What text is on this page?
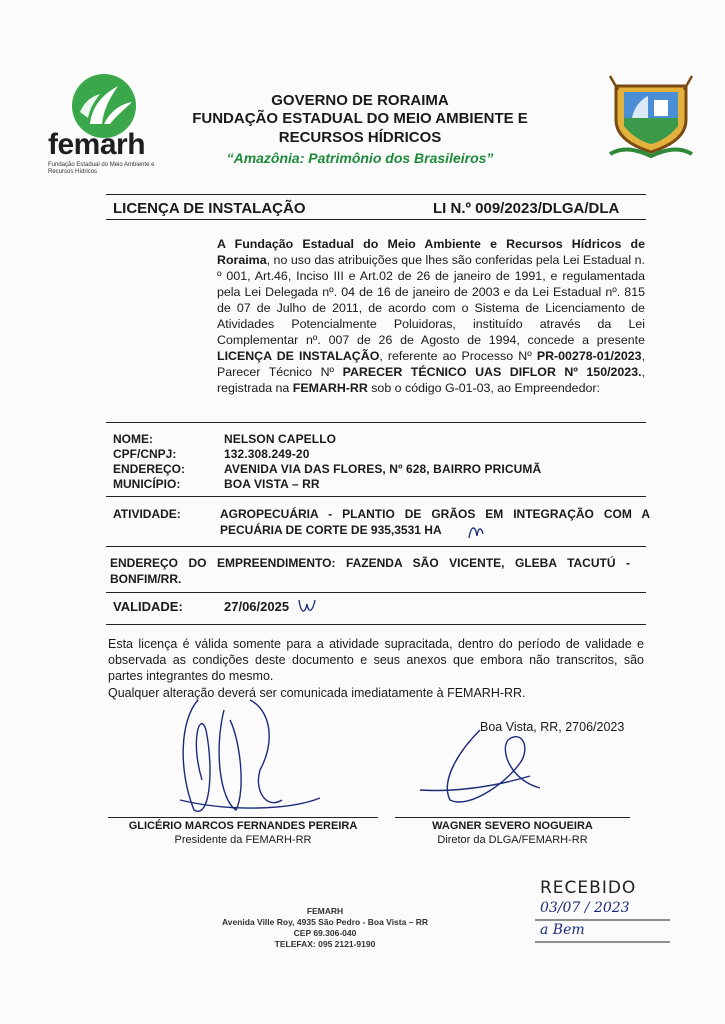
femarh
Fundação Estadual do Meio Ambiente e Recursos Hídricos
GOVERNO DE RORAIMA
FUNDAÇÃO ESTADUAL DO MEIO AMBIENTE E
RECURSOS HÍDRICOS
“Amazônia: Patrimônio dos Brasileiros”
LICENÇA DE INSTALAÇÃO	LI N.º 009/2023/DLGA/DLA

A Fundação Estadual do Meio Ambiente e Recursos Hídricos de Roraima, no uso das atribuições que lhes são conferidas pela Lei Estadual n. º 001, Art.46, Inciso III e Art.02 de 26 de janeiro de 1991, e regulamentada pela Lei Delegada nº. 04 de 16 de janeiro de 2003 e da Lei Estadual nº. 815 de 07 de Julho de 2011, de acordo com o Sistema de Licenciamento de Atividades Potencialmente Poluidoras, instituído através da Lei Complementar nº. 007 de 26 de Agosto de 1994, concede a presente LICENÇA DE INSTALAÇÃO, referente ao Processo Nº PR-00278-01/2023, Parecer Técnico Nº PARECER TÉCNICO UAS DIFLOR Nº 150/2023., registrada na FEMARH-RR sob o código G-01-03, ao Empreendedor:

NOME:	NELSON CAPELLO
CPF/CNPJ:	132.308.249-20
ENDEREÇO:	AVENIDA VIA DAS FLORES, Nº 628, BAIRRO PRICUMÃ
MUNICÍPIO:	BOA VISTA – RR
ATIVIDADE:	AGROPECUÁRIA - PLANTIO DE GRÃOS EM INTEGRAÇÃO COM A PECUÁRIA DE CORTE DE 935,3531 HA
ENDEREÇO DO EMPREENDIMENTO: FAZENDA SÃO VICENTE, GLEBA TACUTÚ - BONFIM/RR.
VALIDADE:	27/06/2025

Esta licença é válida somente para a atividade supracitada, dentro do período de validade e observada as condições deste documento e seus anexos que embora não transcritos, são partes integrantes do mesmo.

Qualquer alteração deverá ser comunicada imediatamente à FEMARH-RR.
Boa Vista, RR, 2706/2023
GLICÉRIO MARCOS FERNANDES PEREIRA
Presidente da FEMARH-RR
WAGNER SEVERO NOGUEIRA
Diretor da DLGA/FEMARH-RR
FEMARH
Avenida Ville Roy, 4935 São Pedro - Boa Vista – RR
CEP 69.306-040
TELEFAX: 095 2121-9190
RECEBIDO
03/07 / 2023
a Bem
